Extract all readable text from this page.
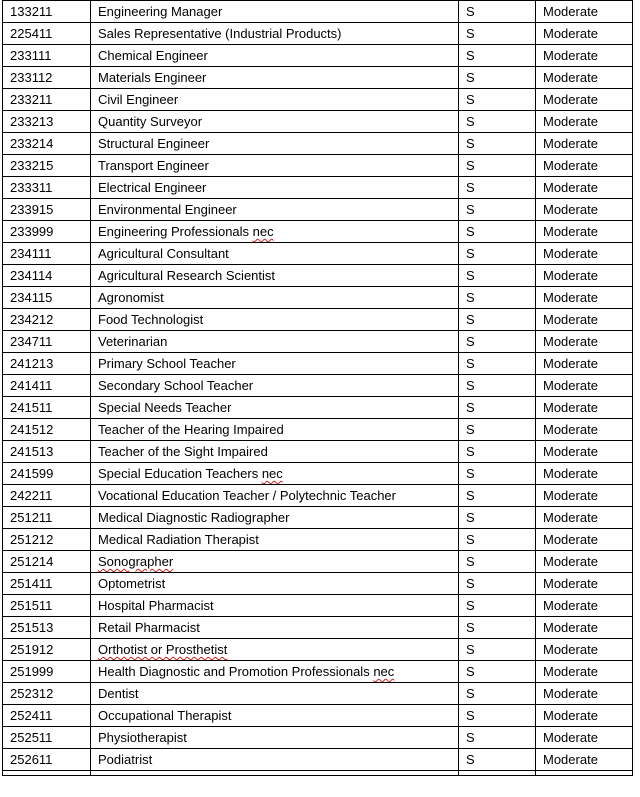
133211	Engineering Manager	S	Moderate
225411	Sales Representative (Industrial Products)	S	Moderate
233111	Chemical Engineer	S	Moderate
233112	Materials Engineer	S	Moderate
233211	Civil Engineer	S	Moderate
233213	Quantity Surveyor	S	Moderate
233214	Structural Engineer	S	Moderate
233215	Transport Engineer	S	Moderate
233311	Electrical Engineer	S	Moderate
233915	Environmental Engineer	S	Moderate
233999	Engineering Professionals nec	S	Moderate
234111	Agricultural Consultant	S	Moderate
234114	Agricultural Research Scientist	S	Moderate
234115	Agronomist	S	Moderate
234212	Food Technologist	S	Moderate
234711	Veterinarian	S	Moderate
241213	Primary School Teacher	S	Moderate
241411	Secondary School Teacher	S	Moderate
241511	Special Needs Teacher	S	Moderate
241512	Teacher of the Hearing Impaired	S	Moderate
241513	Teacher of the Sight Impaired	S	Moderate
241599	Special Education Teachers nec	S	Moderate
242211	Vocational Education Teacher / Polytechnic Teacher	S	Moderate
251211	Medical Diagnostic Radiographer	S	Moderate
251212	Medical Radiation Therapist	S	Moderate
251214	Sonographer	S	Moderate
251411	Optometrist	S	Moderate
251511	Hospital Pharmacist	S	Moderate
251513	Retail Pharmacist	S	Moderate
251912	Orthotist or Prosthetist	S	Moderate
251999	Health Diagnostic and Promotion Professionals nec	S	Moderate
252312	Dentist	S	Moderate
252411	Occupational Therapist	S	Moderate
252511	Physiotherapist	S	Moderate
252611	Podiatrist	S	Moderate
